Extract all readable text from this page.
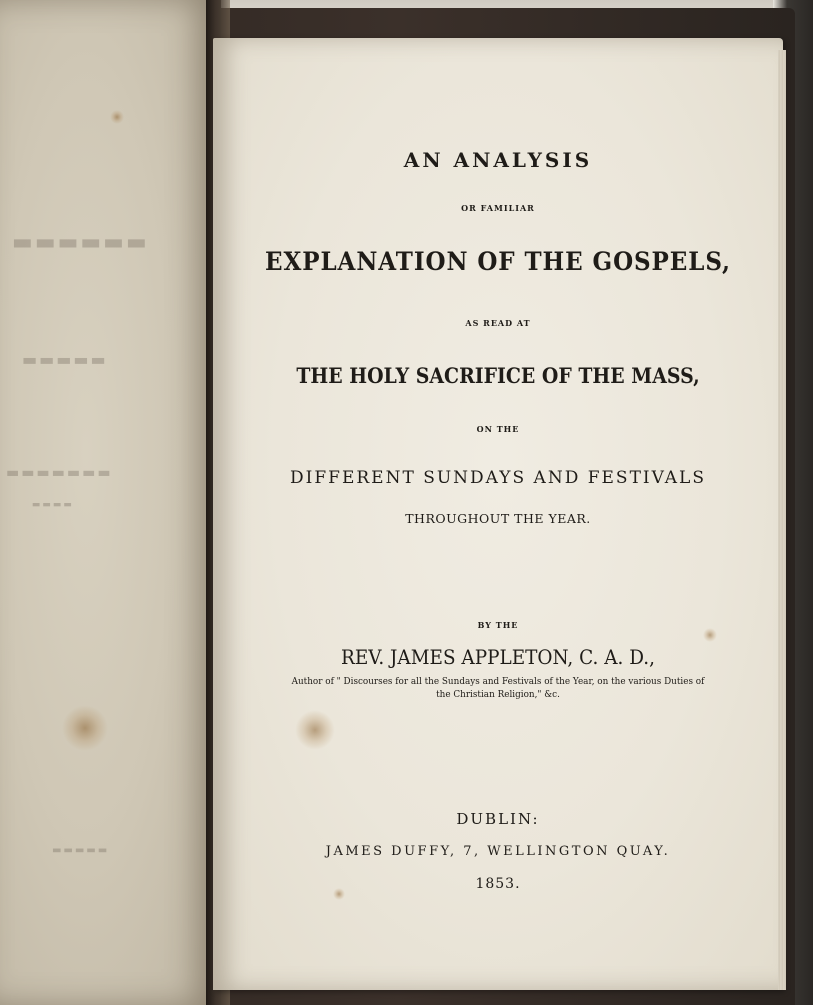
▬▬▬▬▬▬
▬▬▬▬▬
▬▬▬▬▬▬▬
▬▬▬▬
▬▬▬▬▬
AN ANALYSIS
OR FAMILIAR
EXPLANATION OF THE GOSPELS,
AS READ AT
THE HOLY SACRIFICE OF THE MASS,
ON THE
DIFFERENT SUNDAYS AND FESTIVALS
THROUGHOUT THE YEAR.
BY THE
REV. JAMES APPLETON, C. A. D.,
Author of " Discourses for all the Sundays and Festivals of the Year, on the various Duties of
the Christian Religion," &c.
DUBLIN:
JAMES DUFFY, 7, WELLINGTON QUAY.
1853.
